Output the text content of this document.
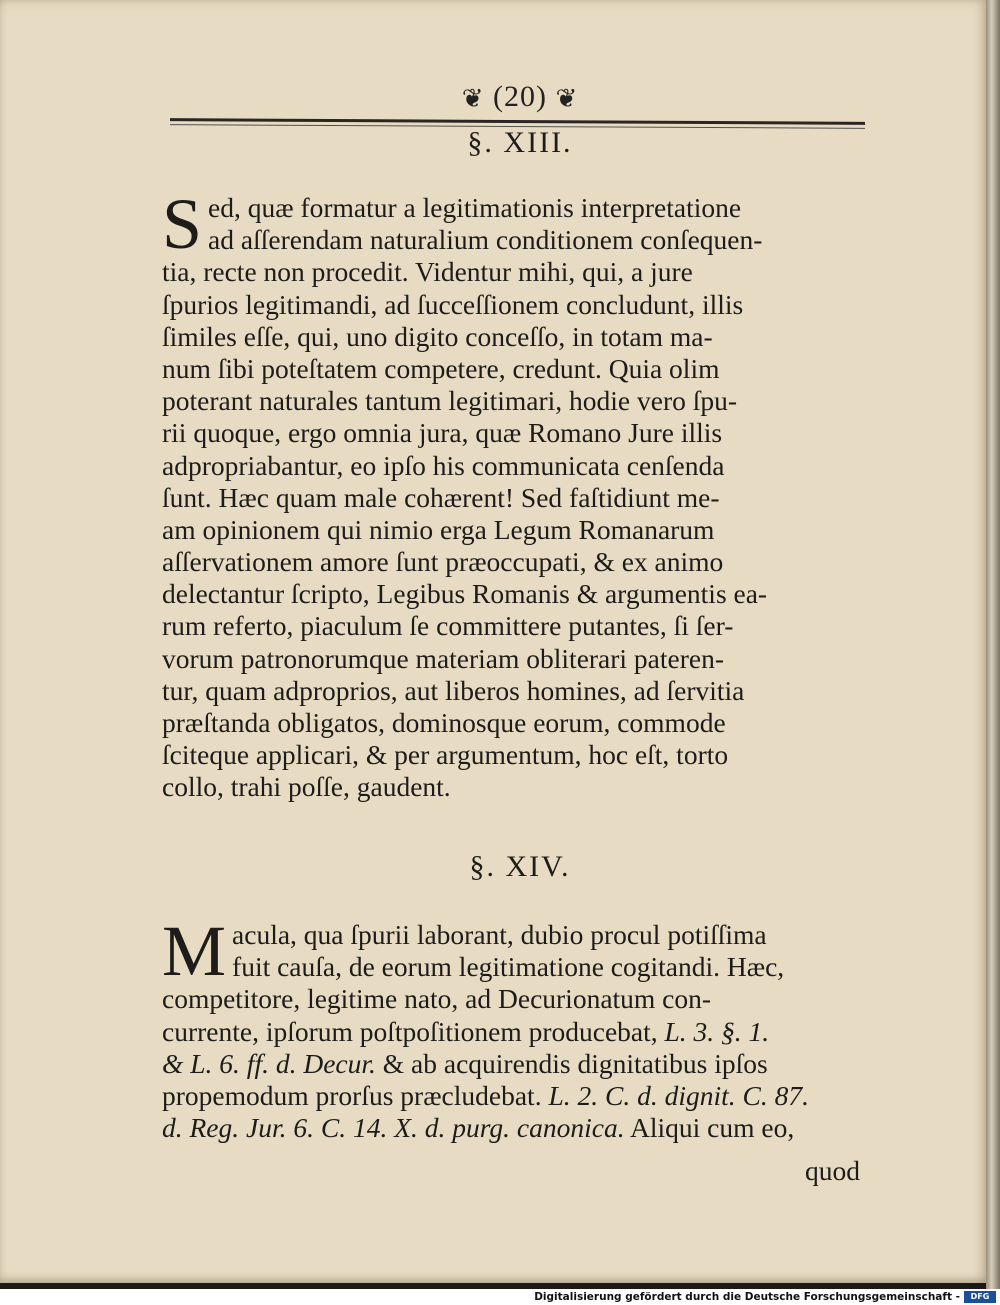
❦ (20) ❦
§. XIII.
S ed, quæ formatur a legitimationis interpretatione
ad aſſerendam naturalium conditionem conſequen-
tia, recte non procedit. Videntur mihi, qui, a jure
ſpurios legitimandi, ad ſucceſſionem concludunt, illis
ſimiles eſſe, qui, uno digito conceſſo, in totam ma-
num ſibi poteſtatem competere, credunt. Quia olim
poterant naturales tantum legitimari, hodie vero ſpu-
rii quoque, ergo omnia jura, quæ Romano Jure illis
adpropriabantur, eo ipſo his communicata cenſenda
ſunt. Hæc quam male cohærent! Sed faſtidiunt me-
am opinionem qui nimio erga Legum Romanarum
aſſervationem amore ſunt præoccupati, & ex animo
delectantur ſcripto, Legibus Romanis & argumentis ea-
rum referto, piaculum ſe committere putantes, ſi ſer-
vorum patronorumque materiam obliterari pateren-
tur, quam adproprios, aut liberos homines, ad ſervitia
præſtanda obligatos, dominosque eorum, commode
ſciteque applicari, & per argumentum, hoc eſt, torto
collo, trahi poſſe, gaudent.
§. XIV.
M acula, qua ſpurii laborant, dubio procul potiſſima
fuit cauſa, de eorum legitimatione cogitandi. Hæc,
competitore, legitime nato, ad Decurionatum con-
currente, ipſorum poſtpoſitionem producebat, L. 3. §. 1.
& L. 6. ff. d. Decur. & ab acquirendis dignitatibus ipſos
propemodum prorſus præcludebat. L. 2. C. d. dignit. C. 87.
d. Reg. Jur. 6. C. 14. X. d. purg. canonica. Aliqui cum eo,
quod
Digitalisierung gefördert durch die Deutsche Forschungsgemeinschaft -	DFG
